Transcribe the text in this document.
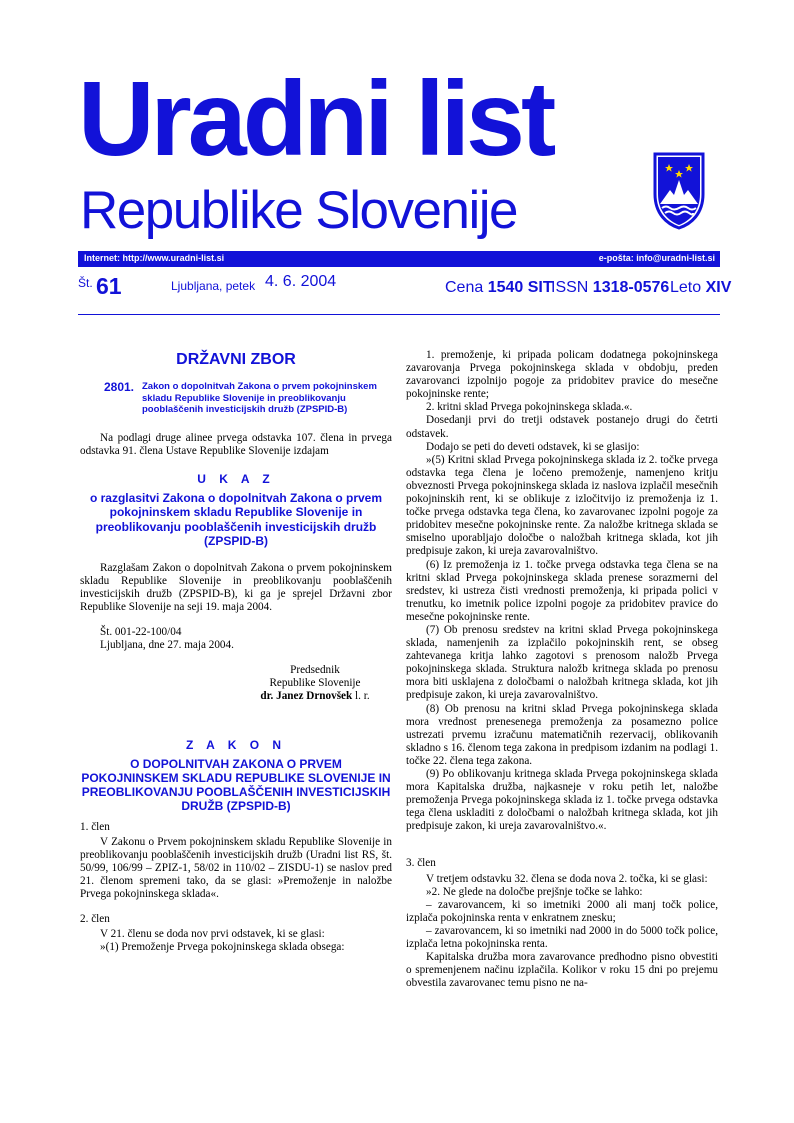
Uradni list
Republike Slovenije
Internet: http://www.uradni-list.si	e-pošta: info@uradni-list.si
Št. 61	Ljubljana, petek 4. 6. 2004	Cena 1540 SIT
ISSN 1318-0576 Leto XIV
DRŽAVNI ZBOR
2801. Zakon o dopolnitvah Zakona o prvem pokojninskem skladu Republike Slovenije in preoblikovanju pooblaščenih investicijskih družb (ZPSPID-B)

Na podlagi druge alinee prvega odstavka 107. člena in prvega odstavka 91. člena Ustave Republike Slovenije izdajam

U K A Z
o razglasitvi Zakona o dopolnitvah Zakona o prvem pokojninskem skladu Republike Slovenije in preoblikovanju pooblaščenih investicijskih družb (ZPSPID-B)

Razglašam Zakon o dopolnitvah Zakona o prvem pokojninskem skladu Republike Slovenije in preoblikovanju pooblaščenih investicijskih družb (ZPSPID-B), ki ga je sprejel Državni zbor Republike Slovenije na seji 19. maja 2004.

Št. 001-22-100/04

Ljubljana, dne 27. maja 2004.

Predsednik
Republike Slovenije
dr. Janez Drnovšek l. r.
Z A K O N
O DOPOLNITVAH ZAKONA O PRVEM POKOJNINSKEM SKLADU REPUBLIKE SLOVENIJE IN PREOBLIKOVANJU POOBLAŠČENIH INVESTICIJSKIH DRUŽB (ZPSPID-B)

1. člen

V Zakonu o Prvem pokojninskem skladu Republike Slovenije in preoblikovanju pooblaščenih investicijskih družb (Uradni list RS, št. 50/99, 106/99 – ZPIZ-1, 58/02 in 110/02 – ZISDU-1) se naslov pred 21. členom spremeni tako, da se glasi: »Premoženje in naložbe Prvega pokojninskega sklada«.

2. člen

V 21. členu se doda nov prvi odstavek, ki se glasi:

»(1) Premoženje Prvega pokojninskega sklada obsega:

1. premoženje, ki pripada policam dodatnega pokojninskega zavarovanja Prvega pokojninskega sklada v obdobju, preden zavarovanci izpolnijo pogoje za pridobitev pravice do mesečne pokojninske rente;

2. kritni sklad Prvega pokojninskega sklada.«.

Dosedanji prvi do tretji odstavek postanejo drugi do četrti odstavek.

Dodajo se peti do deveti odstavek, ki se glasijo:

»(5) Kritni sklad Prvega pokojninskega sklada iz 2. točke prvega odstavka tega člena je ločeno premoženje, namenjeno kritju obveznosti Prvega pokojninskega sklada iz naslova izplačil mesečnih pokojninskih rent, ki se oblikuje z izločitvijo iz premoženja iz 1. točke prvega odstavka tega člena, ko zavarovanec izpolni pogoje za pridobitev mesečne pokojninske rente. Za naložbe kritnega sklada se smiselno uporabljajo določbe o naložbah kritnega sklada, kot jih predpisuje zakon, ki ureja zavarovalništvo.

(6) Iz premoženja iz 1. točke prvega odstavka tega člena se na kritni sklad Prvega pokojninskega sklada prenese sorazmerni del sredstev, ki ustreza čisti vrednosti premoženja, ki pripada polici v trenutku, ko imetnik police izpolni pogoje za pridobitev pravice do mesečne pokojninske rente.

(7) Ob prenosu sredstev na kritni sklad Prvega pokojninskega sklada, namenjenih za izplačilo pokojninskih rent, se obseg zahtevanega kritja lahko zagotovi s prenosom naložb Prvega pokojninskega sklada. Struktura naložb kritnega sklada po prenosu mora biti usklajena z določbami o naložbah kritnega sklada, kot jih predpisuje zakon, ki ureja zavarovalništvo.

(8) Ob prenosu na kritni sklad Prvega pokojninskega sklada mora vrednost prenesenega premoženja za posamezno police ustrezati prvemu izračunu matematičnih rezervacij, oblikovanih skladno s 16. členom tega zakona in predpisom izdanim na podlagi 1. točke 22. člena tega zakona.

(9) Po oblikovanju kritnega sklada Prvega pokojninskega sklada mora Kapitalska družba, najkasneje v roku petih let, naložbe premoženja Prvega pokojninskega sklada iz 1. točke prvega odstavka tega člena uskladiti z določbami o naložbah kritnega sklada, kot jih predpisuje zakon, ki ureja zavarovalništvo.«.

3. člen

V tretjem odstavku 32. člena se doda nova 2. točka, ki se glasi:

»2. Ne glede na določbe prejšnje točke se lahko:

– zavarovancem, ki so imetniki 2000 ali manj točk police, izplača pokojninska renta v enkratnem znesku;

– zavarovancem, ki so imetniki nad 2000 in do 5000 točk police, izplača letna pokojninska renta.

Kapitalska družba mora zavarovance predhodno pisno obvestiti o spremenjenem načinu izplačila. Kolikor v roku 15 dni po prejemu obvestila zavarovanec temu pisno ne na-
